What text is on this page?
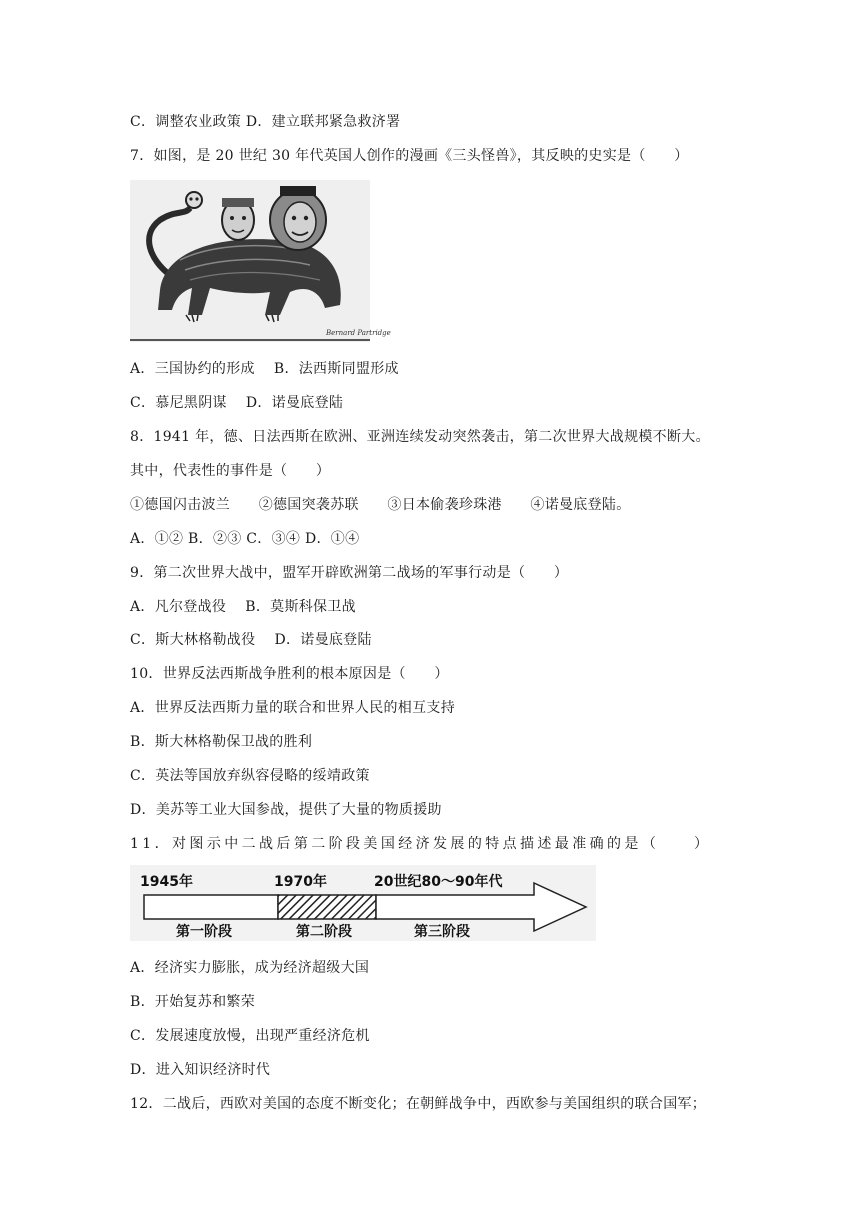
C．调整农业政策 D．建立联邦紧急救济署
7．如图，是 20 世纪 30 年代英国人创作的漫画《三头怪兽》，其反映的史实是（　　）
Bernard Partridge
A．三国协约的形成　 B．法西斯同盟形成
C．慕尼黑阴谋　 D．诺曼底登陆
8．1941 年，德、日法西斯在欧洲、亚洲连续发动突然袭击，第二次世界大战规模不断大。
其中，代表性的事件是（　　）
①德国闪击波兰　　②德国突袭苏联　　③日本偷袭珍珠港　　④诺曼底登陆。
A．①② B．②③ C．③④ D．①④
9．第二次世界大战中，盟军开辟欧洲第二战场的军事行动是（　　）
A．凡尔登战役　 B．莫斯科保卫战
C．斯大林格勒战役　 D．诺曼底登陆
10．世界反法西斯战争胜利的根本原因是（　　）
A．世界反法西斯力量的联合和世界人民的相互支持
B．斯大林格勒保卫战的胜利
C．英法等国放弃纵容侵略的绥靖政策
D．美苏等工业大国参战，提供了大量的物质援助
11．对图示中二战后第二阶段美国经济发展的特点描述最准确的是（　　）
1945年	1970年	20世纪80～90年代
第一阶段	第二阶段	第三阶段
A．经济实力膨胀，成为经济超级大国
B．开始复苏和繁荣
C．发展速度放慢，出现严重经济危机
D．进入知识经济时代
12．二战后，西欧对美国的态度不断变化；在朝鲜战争中，西欧参与美国组织的联合国军；
